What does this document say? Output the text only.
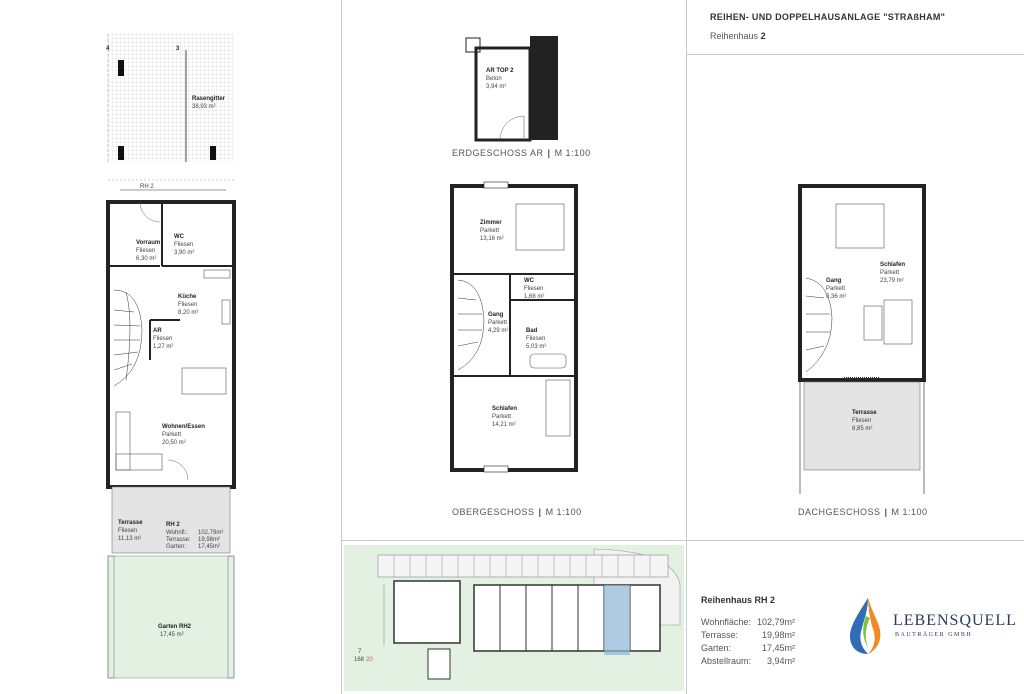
REIHEN- UND DOPPELHAUSANLAGE "STRAßHAM"
Reihenhaus 2
4	3
Rasengitter
38,93 m²
RH 2
Vorraum
Fliesen
6,30 m²
WC
Fliesen
3,90 m²
Küche
Fliesen
8,20 m²
AR
Fliesen
1,27 m²
Wohnen/Essen
Parkett
20,50 m²
Terrasse
Fliesen
11,13 m²
RH 2
Wohnfl.: 102,79m²
Terrasse: 19,98m²
Garten: 17,45m²
Garten RH2
17,45 m²
AR TOP 2
Beton
3,94 m²
ERDGESCHOSS AR | M 1:100
Zimmer
Parkett
13,16 m²
WC
Fliesen
1,68 m²
Gang
Parkett
4,29 m²	Bad
Fliesen
5,03 m²
Schlafen
Parkett
14,21 m²
OBERGESCHOSS | M 1:100
Gang
Parkett
0,36 m²
Schlafen
Parkett
23,79 m²
Terrasse
Fliesen
8,85 m²
DACHGESCHOSS | M 1:100
7
168 20
Reihenhaus RH 2
Wohnfläche:	102,79m²
Terrasse:	19,98m²
Garten:	17,45m²
Abstellraum:	3,94m²
LEBENSQUELL
BAUTRÄGER GMBH
